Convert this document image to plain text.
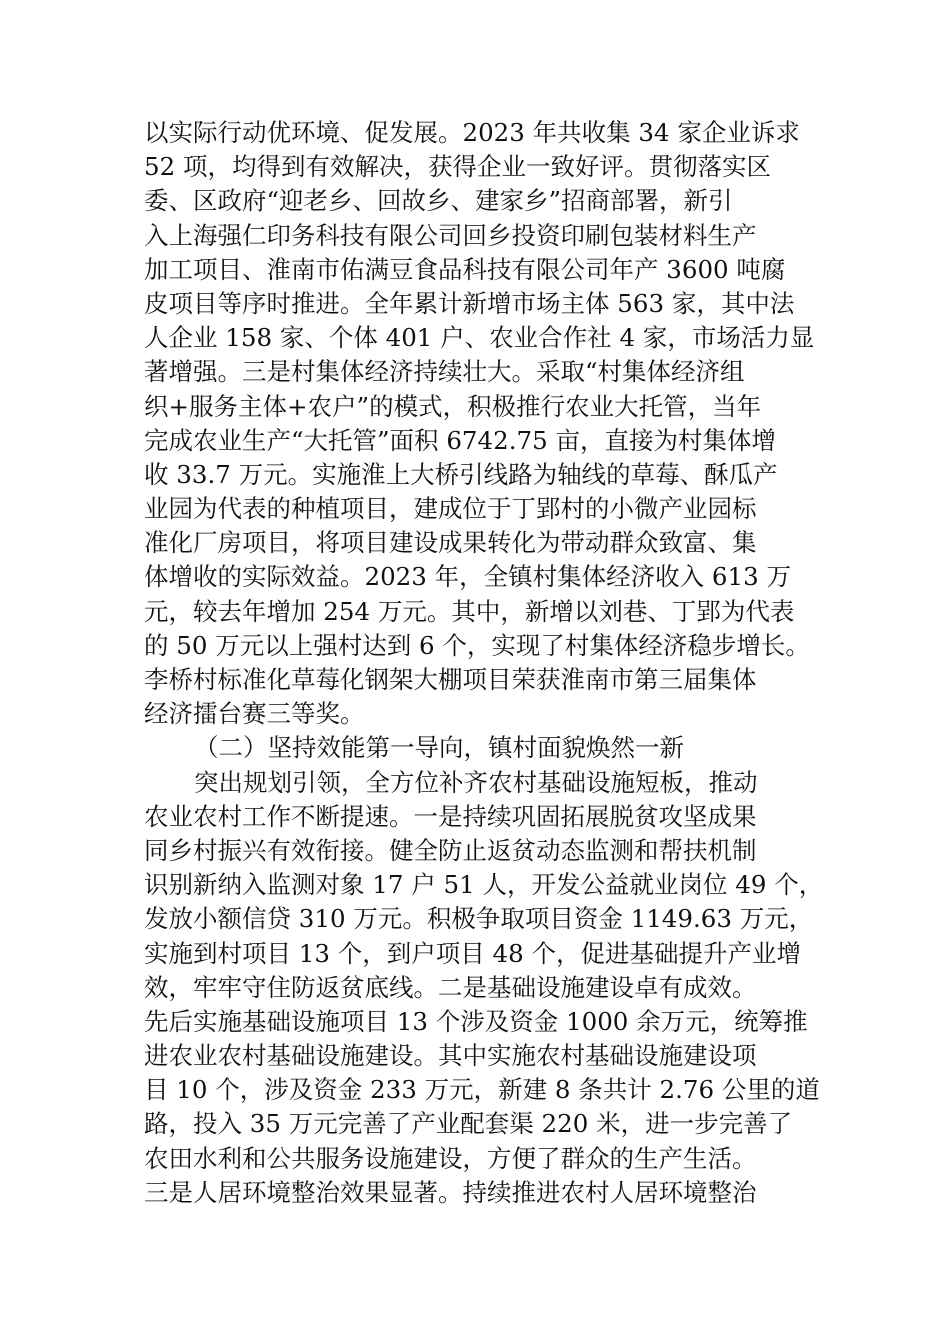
以实际行动优环境、促发展。2023 年共收集 34 家企业诉求
52 项，均得到有效解决，获得企业一致好评。贯彻落实区
委、区政府“迎老乡、回故乡、建家乡”招商部署，新引
入上海强仁印务科技有限公司回乡投资印刷包装材料生产
加工项目、淮南市佑满豆食品科技有限公司年产 3600 吨腐
皮项目等序时推进。全年累计新增市场主体 563 家，其中法
人企业 158 家、个体 401 户、农业合作社 4 家，市场活力显
著增强。三是村集体经济持续壮大。采取“村集体经济组
织+服务主体+农户”的模式，积极推行农业大托管，当年
完成农业生产“大托管”面积 6742.75 亩，直接为村集体增
收 33.7 万元。实施淮上大桥引线路为轴线的草莓、酥瓜产
业园为代表的种植项目，建成位于丁郢村的小微产业园标
准化厂房项目，将项目建设成果转化为带动群众致富、集
体增收的实际效益。2023 年，全镇村集体经济收入 613 万
元，较去年增加 254 万元。其中，新增以刘巷、丁郢为代表
的 50 万元以上强村达到 6 个，实现了村集体经济稳步增长。
李桥村标准化草莓化钢架大棚项目荣获淮南市第三届集体
经济擂台赛三等奖。
（二）坚持效能第一导向，镇村面貌焕然一新
突出规划引领，全方位补齐农村基础设施短板，推动
农业农村工作不断提速。一是持续巩固拓展脱贫攻坚成果
同乡村振兴有效衔接。健全防止返贫动态监测和帮扶机制
识别新纳入监测对象 17 户 51 人，开发公益就业岗位 49 个，
发放小额信贷 310 万元。积极争取项目资金 1149.63 万元，
实施到村项目 13 个，到户项目 48 个，促进基础提升产业增
效，牢牢守住防返贫底线。二是基础设施建设卓有成效。
先后实施基础设施项目 13 个涉及资金 1000 余万元，统筹推
进农业农村基础设施建设。其中实施农村基础设施建设项
目 10 个，涉及资金 233 万元，新建 8 条共计 2.76 公里的道
路，投入 35 万元完善了产业配套渠 220 米，进一步完善了
农田水利和公共服务设施建设，方便了群众的生产生活。
三是人居环境整治效果显著。持续推进农村人居环境整治
